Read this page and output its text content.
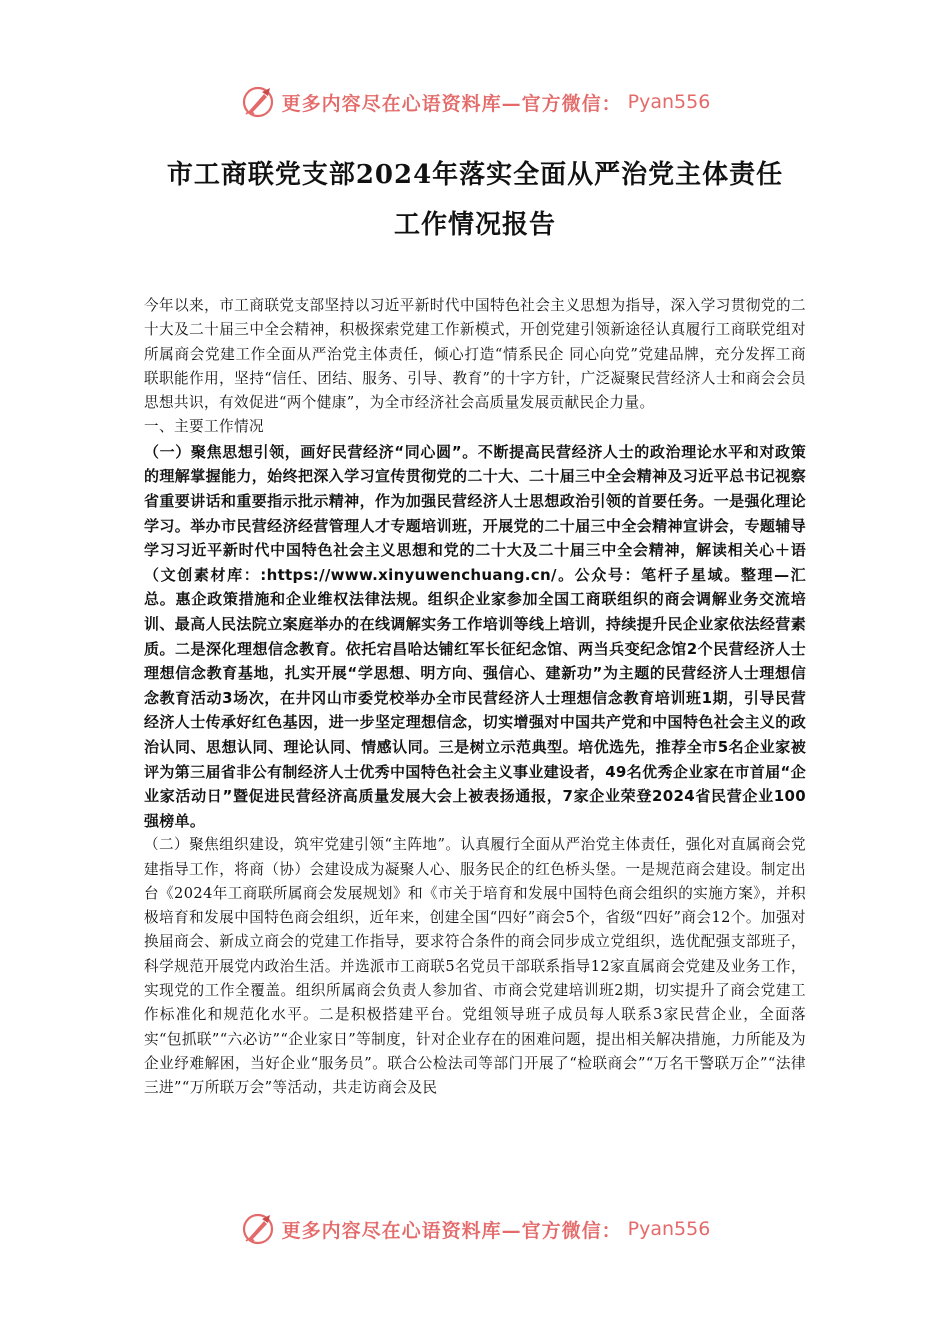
更多内容尽在心语资料库—官方微信： Pyan556
市工商联党支部2024年落实全面从严治党主体责任
工作情况报告

今年以来，市工商联党支部坚持以习近平新时代中国特色社会主义思想为指导，深入学习贯彻党的二十大及二十届三中全会精神，积极探索党建工作新模式，开创党建引领新途径认真履行工商联党组对所属商会党建工作全面从严治党主体责任，倾心打造“情系民企 同心向党”党建品牌，充分发挥工商联职能作用，坚持“信任、团结、服务、引导、教育”的十字方针，广泛凝聚民营经济人士和商会会员思想共识，有效促进“两个健康”，为全市经济社会高质量发展贡献民企力量。

一、主要工作情况

（一）聚焦思想引领，画好民营经济“同心圆”。不断提高民营经济人士的政治理论水平和对政策的理解掌握能力，始终把深入学习宣传贯彻党的二十大、二十届三中全会精神及习近平总书记视察省重要讲话和重要指示批示精神，作为加强民营经济人士思想政治引领的首要任务。一是强化理论学习。举办市民营经济经营管理人才专题培训班，开展党的二十届三中全会精神宣讲会，专题辅导学习习近平新时代中国特色社会主义思想和党的二十大及二十届三中全会精神，解读相关心＋语（文创素材库：:https://www.xinyuwenchuang.cn/。公众号：笔杆子星域。整理—汇总。惠企政策措施和企业维权法律法规。组织企业家参加全国工商联组织的商会调解业务交流培训、最高人民法院立案庭举办的在线调解实务工作培训等线上培训，持续提升民企业家依法经营素质。二是深化理想信念教育。依托宕昌哈达铺红军长征纪念馆、两当兵变纪念馆2个民营经济人士理想信念教育基地，扎实开展“学思想、明方向、强信心、建新功”为主题的民营经济人士理想信念教育活动3场次，在井冈山市委党校举办全市民营经济人士理想信念教育培训班1期，引导民营经济人士传承好红色基因，进一步坚定理想信念，切实增强对中国共产党和中国特色社会主义的政治认同、思想认同、理论认同、情感认同。三是树立示范典型。培优选先，推荐全市5名企业家被评为第三届省非公有制经济人士优秀中国特色社会主义事业建设者，49名优秀企业家在市首届“企业家活动日”暨促进民营经济高质量发展大会上被表扬通报，7家企业荣登2024省民营企业100强榜单。

（二）聚焦组织建设，筑牢党建引领“主阵地”。认真履行全面从严治党主体责任，强化对直属商会党建指导工作，将商（协）会建设成为凝聚人心、服务民企的红色桥头堡。一是规范商会建设。制定出台《2024年工商联所属商会发展规划》和《市关于培育和发展中国特色商会组织的实施方案》，并积极培育和发展中国特色商会组织，近年来，创建全国“四好”商会5个，省级“四好”商会12个。加强对换届商会、新成立商会的党建工作指导，要求符合条件的商会同步成立党组织，选优配强支部班子，科学规范开展党内政治生活。并选派市工商联5名党员干部联系指导12家直属商会党建及业务工作，实现党的工作全覆盖。组织所属商会负责人参加省、市商会党建培训班2期，切实提升了商会党建工作标准化和规范化水平。二是积极搭建平台。党组领导班子成员每人联系3家民营企业，全面落实“包抓联”“六必访”“企业家日”等制度，针对企业存在的困难问题，提出相关解决措施，力所能及为企业纾难解困，当好企业“服务员”。联合公检法司等部门开展了“检联商会”“万名干警联万企”“法律三进”“万所联万会”等活动，共走访商会及民

更多内容尽在心语资料库—官方微信： Pyan556
